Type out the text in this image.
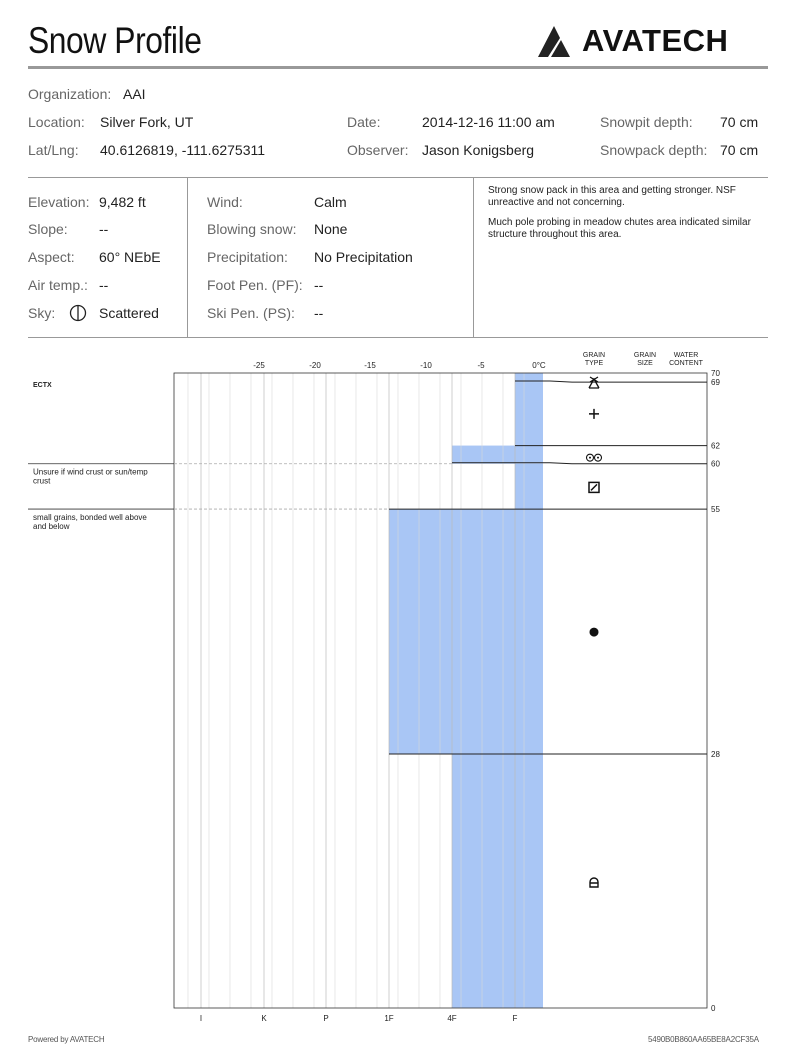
Snow Profile	AVATECH
Organization: AAI
Location: Silver Fork, UT
Lat/Lng: 40.6126819, -111.6275311
Date:	2014-12-16 11:00 am
Observer: Jason Konigsberg
Snowpit depth: 70 cm
Snowpack depth: 70 cm
Elevation: 9,482 ft
Slope: --
Aspect: 60° NEbE
Air temp.: --
Sky:	Scattered
Wind:	Calm
Blowing snow: None
Precipitation: No Precipitation
Foot Pen. (PF): --
Ski Pen. (PS): --

Strong snow pack in this area and getting stronger. NSF unreactive and not concerning.

Much pole probing in meadow chutes area indicated similar structure throughout this area.

-25	-20	-15	-10	-5	0°C
GRAIN
TYPE
GRAIN
SIZE
WATER
CONTENT
I	K	P	1F	4F	F
70
69
62
60
55
28
0
ECTX
Unsure if wind crust or sun/temp
crust
small grains, bonded well above
and below
Powered by AVATECH	5490B0B860AA65BE8A2CF35A
